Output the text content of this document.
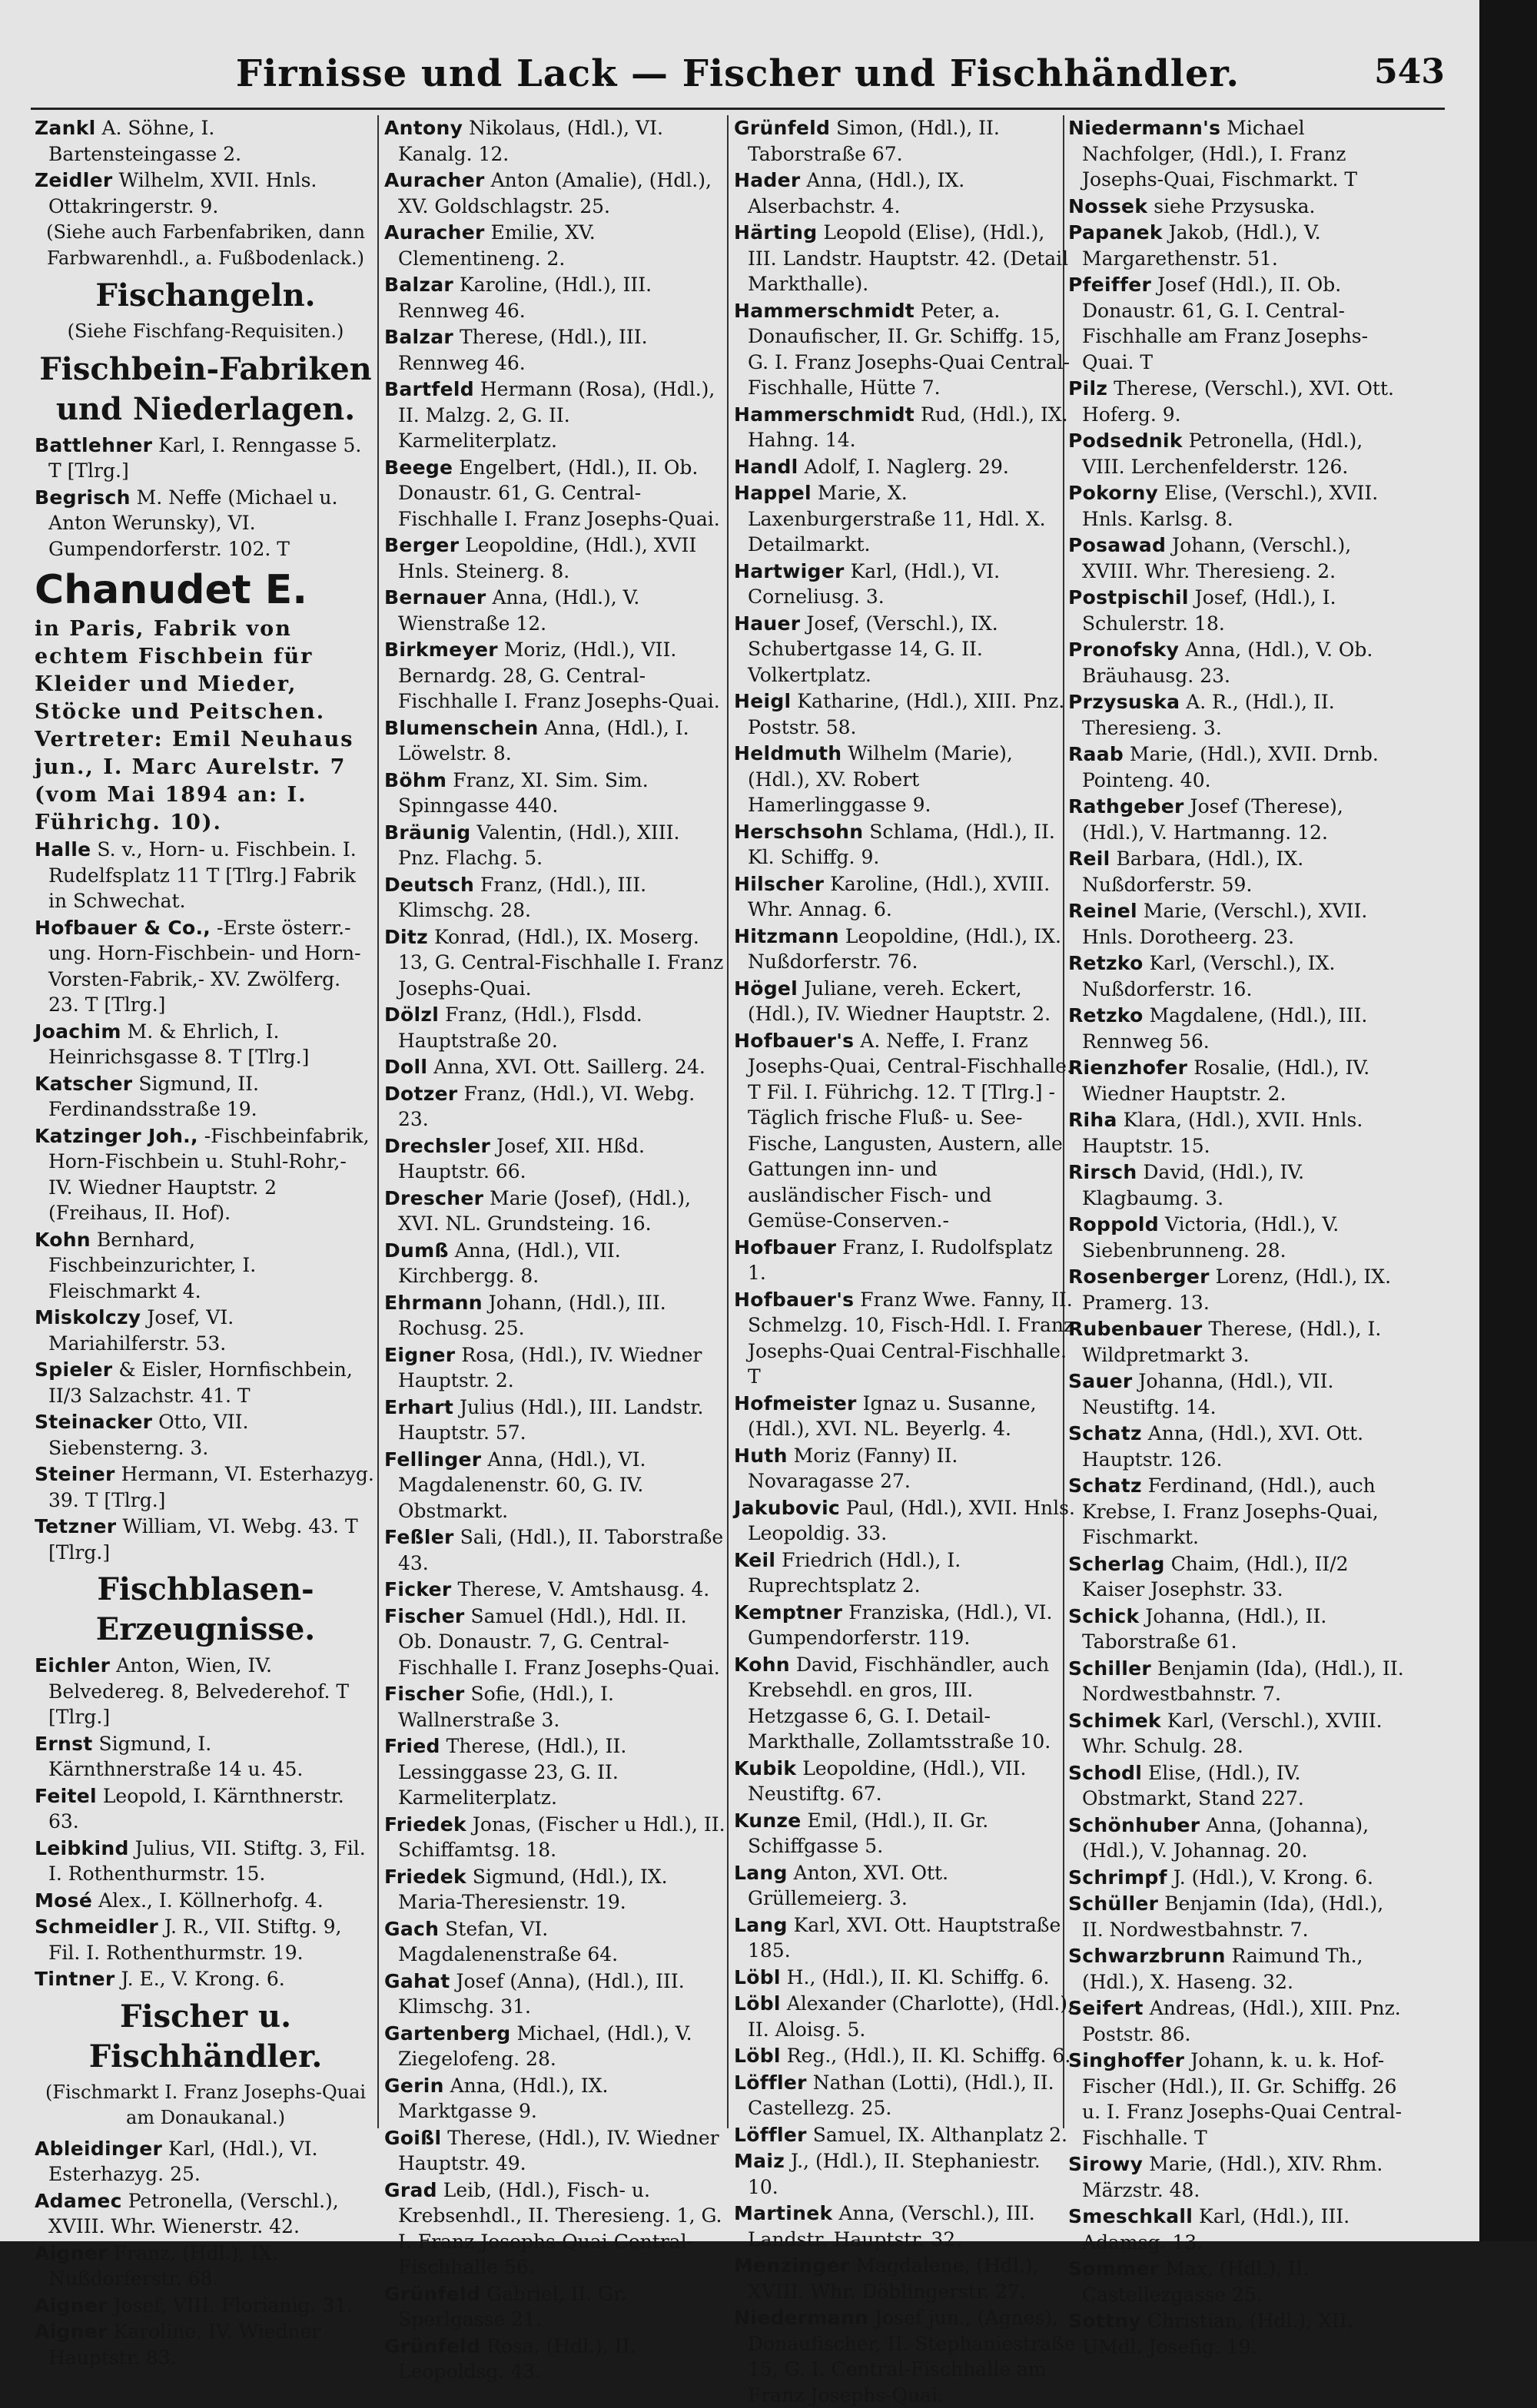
Firnisse und Lack — Fischer und Fischhändler.	543
Zankl A. Söhne, I. Bartensteingasse 2.
Zeidler Wilhelm, XVII. Hnls. Ottakringerstr. 9.
(Siehe auch Farbenfabriken, dann Farbwarenhdl., a. Fußbodenlack.)
Fischangeln.
(Siehe Fischfang-Requisiten.)
Fischbein-Fabriken und Niederlagen.
Battlehner Karl, I. Renngasse 5. T [Tlrg.]
Begrisch M. Neffe (Michael u. Anton Werunsky), VI. Gumpendorferstr. 102. T
Chanudet E.
in Paris, Fabrik von echtem Fischbein für Kleider und Mieder, Stöcke und Peitschen. Vertreter: Emil Neuhaus jun., I. Marc Aurelstr. 7 (vom Mai 1894 an: I. Führichg. 10).
Halle S. v., Horn- u. Fischbein. I. Rudelfsplatz 11 T [Tlrg.] Fabrik in Schwechat.
Hofbauer & Co., -Erste österr.-ung. Horn-Fischbein- und Horn-Vorsten-Fabrik,- XV. Zwölferg. 23. T [Tlrg.]
Joachim M. & Ehrlich, I. Heinrichsgasse 8. T [Tlrg.]
Katscher Sigmund, II. Ferdinandsstraße 19.
Katzinger Joh., -Fischbeinfabrik, Horn-Fischbein u. Stuhl-Rohr,- IV. Wiedner Hauptstr. 2 (Freihaus, II. Hof).
Kohn Bernhard, Fischbeinzurichter, I. Fleischmarkt 4.
Miskolczy Josef, VI. Mariahilferstr. 53.
Spieler & Eisler, Hornfischbein, II/3 Salzachstr. 41. T
Steinacker Otto, VII. Siebensterng. 3.
Steiner Hermann, VI. Esterhazyg. 39. T [Tlrg.]
Tetzner William, VI. Webg. 43. T [Tlrg.]
Fischblasen-Erzeugnisse.
Eichler Anton, Wien, IV. Belvedereg. 8, Belvederehof. T [Tlrg.]
Ernst Sigmund, I. Kärnthnerstraße 14 u. 45.
Feitel Leopold, I. Kärnthnerstr. 63.
Leibkind Julius, VII. Stiftg. 3, Fil. I. Rothenthurmstr. 15.
Mosé Alex., I. Köllnerhofg. 4.
Schmeidler J. R., VII. Stiftg. 9, Fil. I. Rothenthurmstr. 19.
Tintner J. E., V. Krong. 6.
Fischer u. Fischhändler.
(Fischmarkt I. Franz Josephs-Quai am Donaukanal.)
Ableidinger Karl, (Hdl.), VI. Esterhazyg. 25.
Adamec Petronella, (Verschl.), XVIII. Whr. Wienerstr. 42.
Aigner Franz, (Hdl.), IX. Nußdorferstr. 68.
Aigner Josef, VIII. Florianig. 31.
Aigner Karoline, IV. Wiedner Hauptstr. 83.
Antony Nikolaus, (Hdl.), VI. Kanalg. 12.
Auracher Anton (Amalie), (Hdl.), XV. Goldschlagstr. 25.
Auracher Emilie, XV. Clementineng. 2.
Balzar Karoline, (Hdl.), III. Rennweg 46.
Balzar Therese, (Hdl.), III. Rennweg 46.
Bartfeld Hermann (Rosa), (Hdl.), II. Malzg. 2, G. II. Karmeliterplatz.
Beege Engelbert, (Hdl.), II. Ob. Donaustr. 61, G. Central-Fischhalle I. Franz Josephs-Quai.
Berger Leopoldine, (Hdl.), XVII Hnls. Steinerg. 8.
Bernauer Anna, (Hdl.), V. Wienstraße 12.
Birkmeyer Moriz, (Hdl.), VII. Bernardg. 28, G. Central-Fischhalle I. Franz Josephs-Quai.
Blumenschein Anna, (Hdl.), I. Löwelstr. 8.
Böhm Franz, XI. Sim. Sim. Spinngasse 440.
Bräunig Valentin, (Hdl.), XIII. Pnz. Flachg. 5.
Deutsch Franz, (Hdl.), III. Klimschg. 28.
Ditz Konrad, (Hdl.), IX. Moserg. 13, G. Central-Fischhalle I. Franz Josephs-Quai.
Dölzl Franz, (Hdl.), Flsdd. Hauptstraße 20.
Doll Anna, XVI. Ott. Saillerg. 24.
Dotzer Franz, (Hdl.), VI. Webg. 23.
Drechsler Josef, XII. Hßd. Hauptstr. 66.
Drescher Marie (Josef), (Hdl.), XVI. NL. Grundsteing. 16.
Dumß Anna, (Hdl.), VII. Kirchbergg. 8.
Ehrmann Johann, (Hdl.), III. Rochusg. 25.
Eigner Rosa, (Hdl.), IV. Wiedner Hauptstr. 2.
Erhart Julius (Hdl.), III. Landstr. Hauptstr. 57.
Fellinger Anna, (Hdl.), VI. Magdalenenstr. 60, G. IV. Obstmarkt.
Feßler Sali, (Hdl.), II. Taborstraße 43.
Ficker Therese, V. Amtshausg. 4.
Fischer Samuel (Hdl.), Hdl. II. Ob. Donaustr. 7, G. Central-Fischhalle I. Franz Josephs-Quai.
Fischer Sofie, (Hdl.), I. Wallnerstraße 3.
Fried Therese, (Hdl.), II. Lessinggasse 23, G. II. Karmeliterplatz.
Friedek Jonas, (Fischer u Hdl.), II. Schiffamtsg. 18.
Friedek Sigmund, (Hdl.), IX. Maria-Theresienstr. 19.
Gach Stefan, VI. Magdalenenstraße 64.
Gahat Josef (Anna), (Hdl.), III. Klimschg. 31.
Gartenberg Michael, (Hdl.), V. Ziegelofeng. 28.
Gerin Anna, (Hdl.), IX. Marktgasse 9.
Goißl Therese, (Hdl.), IV. Wiedner Hauptstr. 49.
Grad Leib, (Hdl.), Fisch- u. Krebsenhdl., II. Theresieng. 1, G. I. Franz Josephs-Quai Central-Fischhalle 56.
Grünfeld Gabriel, II. Gr. Sperlgasse 21.
Grünfeld Rosa, (Hdl.), II. Leopoldsg. 43.
Grünfeld Simon, (Hdl.), II. Taborstraße 67.
Hader Anna, (Hdl.), IX. Alserbachstr. 4.
Härting Leopold (Elise), (Hdl.), III. Landstr. Hauptstr. 42. (Detail Markthalle).
Hammerschmidt Peter, a. Donaufischer, II. Gr. Schiffg. 15, G. I. Franz Josephs-Quai Central-Fischhalle, Hütte 7.
Hammerschmidt Rud, (Hdl.), IX. Hahng. 14.
Handl Adolf, I. Naglerg. 29.
Happel Marie, X. Laxenburgerstraße 11, Hdl. X. Detailmarkt.
Hartwiger Karl, (Hdl.), VI. Corneliusg. 3.
Hauer Josef, (Verschl.), IX. Schubertgasse 14, G. II. Volkertplatz.
Heigl Katharine, (Hdl.), XIII. Pnz. Poststr. 58.
Heldmuth Wilhelm (Marie), (Hdl.), XV. Robert Hamerlinggasse 9.
Herschsohn Schlama, (Hdl.), II. Kl. Schiffg. 9.
Hilscher Karoline, (Hdl.), XVIII. Whr. Annag. 6.
Hitzmann Leopoldine, (Hdl.), IX. Nußdorferstr. 76.
Högel Juliane, vereh. Eckert, (Hdl.), IV. Wiedner Hauptstr. 2.
Hofbauer's A. Neffe, I. Franz Josephs-Quai, Central-Fischhalle. T Fil. I. Führichg. 12. T [Tlrg.] -Täglich frische Fluß- u. See-Fische, Langusten, Austern, alle Gattungen inn- und ausländischer Fisch- und Gemüse-Conserven.-
Hofbauer Franz, I. Rudolfsplatz 1.
Hofbauer's Franz Wwe. Fanny, II. Schmelzg. 10, Fisch-Hdl. I. Franz Josephs-Quai Central-Fischhalle. T
Hofmeister Ignaz u. Susanne, (Hdl.), XVI. NL. Beyerlg. 4.
Huth Moriz (Fanny) II. Novaragasse 27.
Jakubovic Paul, (Hdl.), XVII. Hnls. Leopoldig. 33.
Keil Friedrich (Hdl.), I. Ruprechtsplatz 2.
Kemptner Franziska, (Hdl.), VI. Gumpendorferstr. 119.
Kohn David, Fischhändler, auch Krebsehdl. en gros, III. Hetzgasse 6, G. I. Detail-Markthalle, Zollamtsstraße 10.
Kubik Leopoldine, (Hdl.), VII. Neustiftg. 67.
Kunze Emil, (Hdl.), II. Gr. Schiffgasse 5.
Lang Anton, XVI. Ott. Grüllemeierg. 3.
Lang Karl, XVI. Ott. Hauptstraße 185.
Löbl H., (Hdl.), II. Kl. Schiffg. 6.
Löbl Alexander (Charlotte), (Hdl.), II. Aloisg. 5.
Löbl Reg., (Hdl.), II. Kl. Schiffg. 6.
Löffler Nathan (Lotti), (Hdl.), II. Castellezg. 25.
Löffler Samuel, IX. Althanplatz 2.
Maiz J., (Hdl.), II. Stephaniestr. 10.
Martinek Anna, (Verschl.), III. Landstr. Hauptstr. 32.
Menzinger Magdalene, (Hdl.), XVIII. Whr. Döblingerstr. 27.
Niedermann Josef jun., (Agnes), Donaufischer, II. Stephaniestraße 15, G. I. Central-Fischhalle am Franz Josephs-Quai.
Niedermann's Michael Nachfolger, (Hdl.), I. Franz Josephs-Quai, Fischmarkt. T
Nossek siehe Przysuska.
Papanek Jakob, (Hdl.), V. Margarethenstr. 51.
Pfeiffer Josef (Hdl.), II. Ob. Donaustr. 61, G. I. Central-Fischhalle am Franz Josephs-Quai. T
Pilz Therese, (Verschl.), XVI. Ott. Hoferg. 9.
Podsednik Petronella, (Hdl.), VIII. Lerchenfelderstr. 126.
Pokorny Elise, (Verschl.), XVII. Hnls. Karlsg. 8.
Posawad Johann, (Verschl.), XVIII. Whr. Theresieng. 2.
Postpischil Josef, (Hdl.), I. Schulerstr. 18.
Pronofsky Anna, (Hdl.), V. Ob. Bräuhausg. 23.
Przysuska A. R., (Hdl.), II. Theresieng. 3.
Raab Marie, (Hdl.), XVII. Drnb. Pointeng. 40.
Rathgeber Josef (Therese), (Hdl.), V. Hartmanng. 12.
Reil Barbara, (Hdl.), IX. Nußdorferstr. 59.
Reinel Marie, (Verschl.), XVII. Hnls. Dorotheerg. 23.
Retzko Karl, (Verschl.), IX. Nußdorferstr. 16.
Retzko Magdalene, (Hdl.), III. Rennweg 56.
Rienzhofer Rosalie, (Hdl.), IV. Wiedner Hauptstr. 2.
Riha Klara, (Hdl.), XVII. Hnls. Hauptstr. 15.
Rirsch David, (Hdl.), IV. Klagbaumg. 3.
Roppold Victoria, (Hdl.), V. Siebenbrunneng. 28.
Rosenberger Lorenz, (Hdl.), IX. Pramerg. 13.
Rubenbauer Therese, (Hdl.), I. Wildpretmarkt 3.
Sauer Johanna, (Hdl.), VII. Neustiftg. 14.
Schatz Anna, (Hdl.), XVI. Ott. Hauptstr. 126.
Schatz Ferdinand, (Hdl.), auch Krebse, I. Franz Josephs-Quai, Fischmarkt.
Scherlag Chaim, (Hdl.), II/2 Kaiser Josephstr. 33.
Schick Johanna, (Hdl.), II. Taborstraße 61.
Schiller Benjamin (Ida), (Hdl.), II. Nordwestbahnstr. 7.
Schimek Karl, (Verschl.), XVIII. Whr. Schulg. 28.
Schodl Elise, (Hdl.), IV. Obstmarkt, Stand 227.
Schönhuber Anna, (Johanna), (Hdl.), V. Johannag. 20.
Schrimpf J. (Hdl.), V. Krong. 6.
Schüller Benjamin (Ida), (Hdl.), II. Nordwestbahnstr. 7.
Schwarzbrunn Raimund Th., (Hdl.), X. Haseng. 32.
Seifert Andreas, (Hdl.), XIII. Pnz. Poststr. 86.
Singhoffer Johann, k. u. k. Hof-Fischer (Hdl.), II. Gr. Schiffg. 26 u. I. Franz Josephs-Quai Central-Fischhalle. T
Sirowy Marie, (Hdl.), XIV. Rhm. Märzstr. 48.
Smeschkall Karl, (Hdl.), III. Adamsg. 13.
Sommer Max, (Hdl.), II. Castellezgasse 25.
Sottny Christian, (Hdl.), XII. UMdl. Josefig. 19.
